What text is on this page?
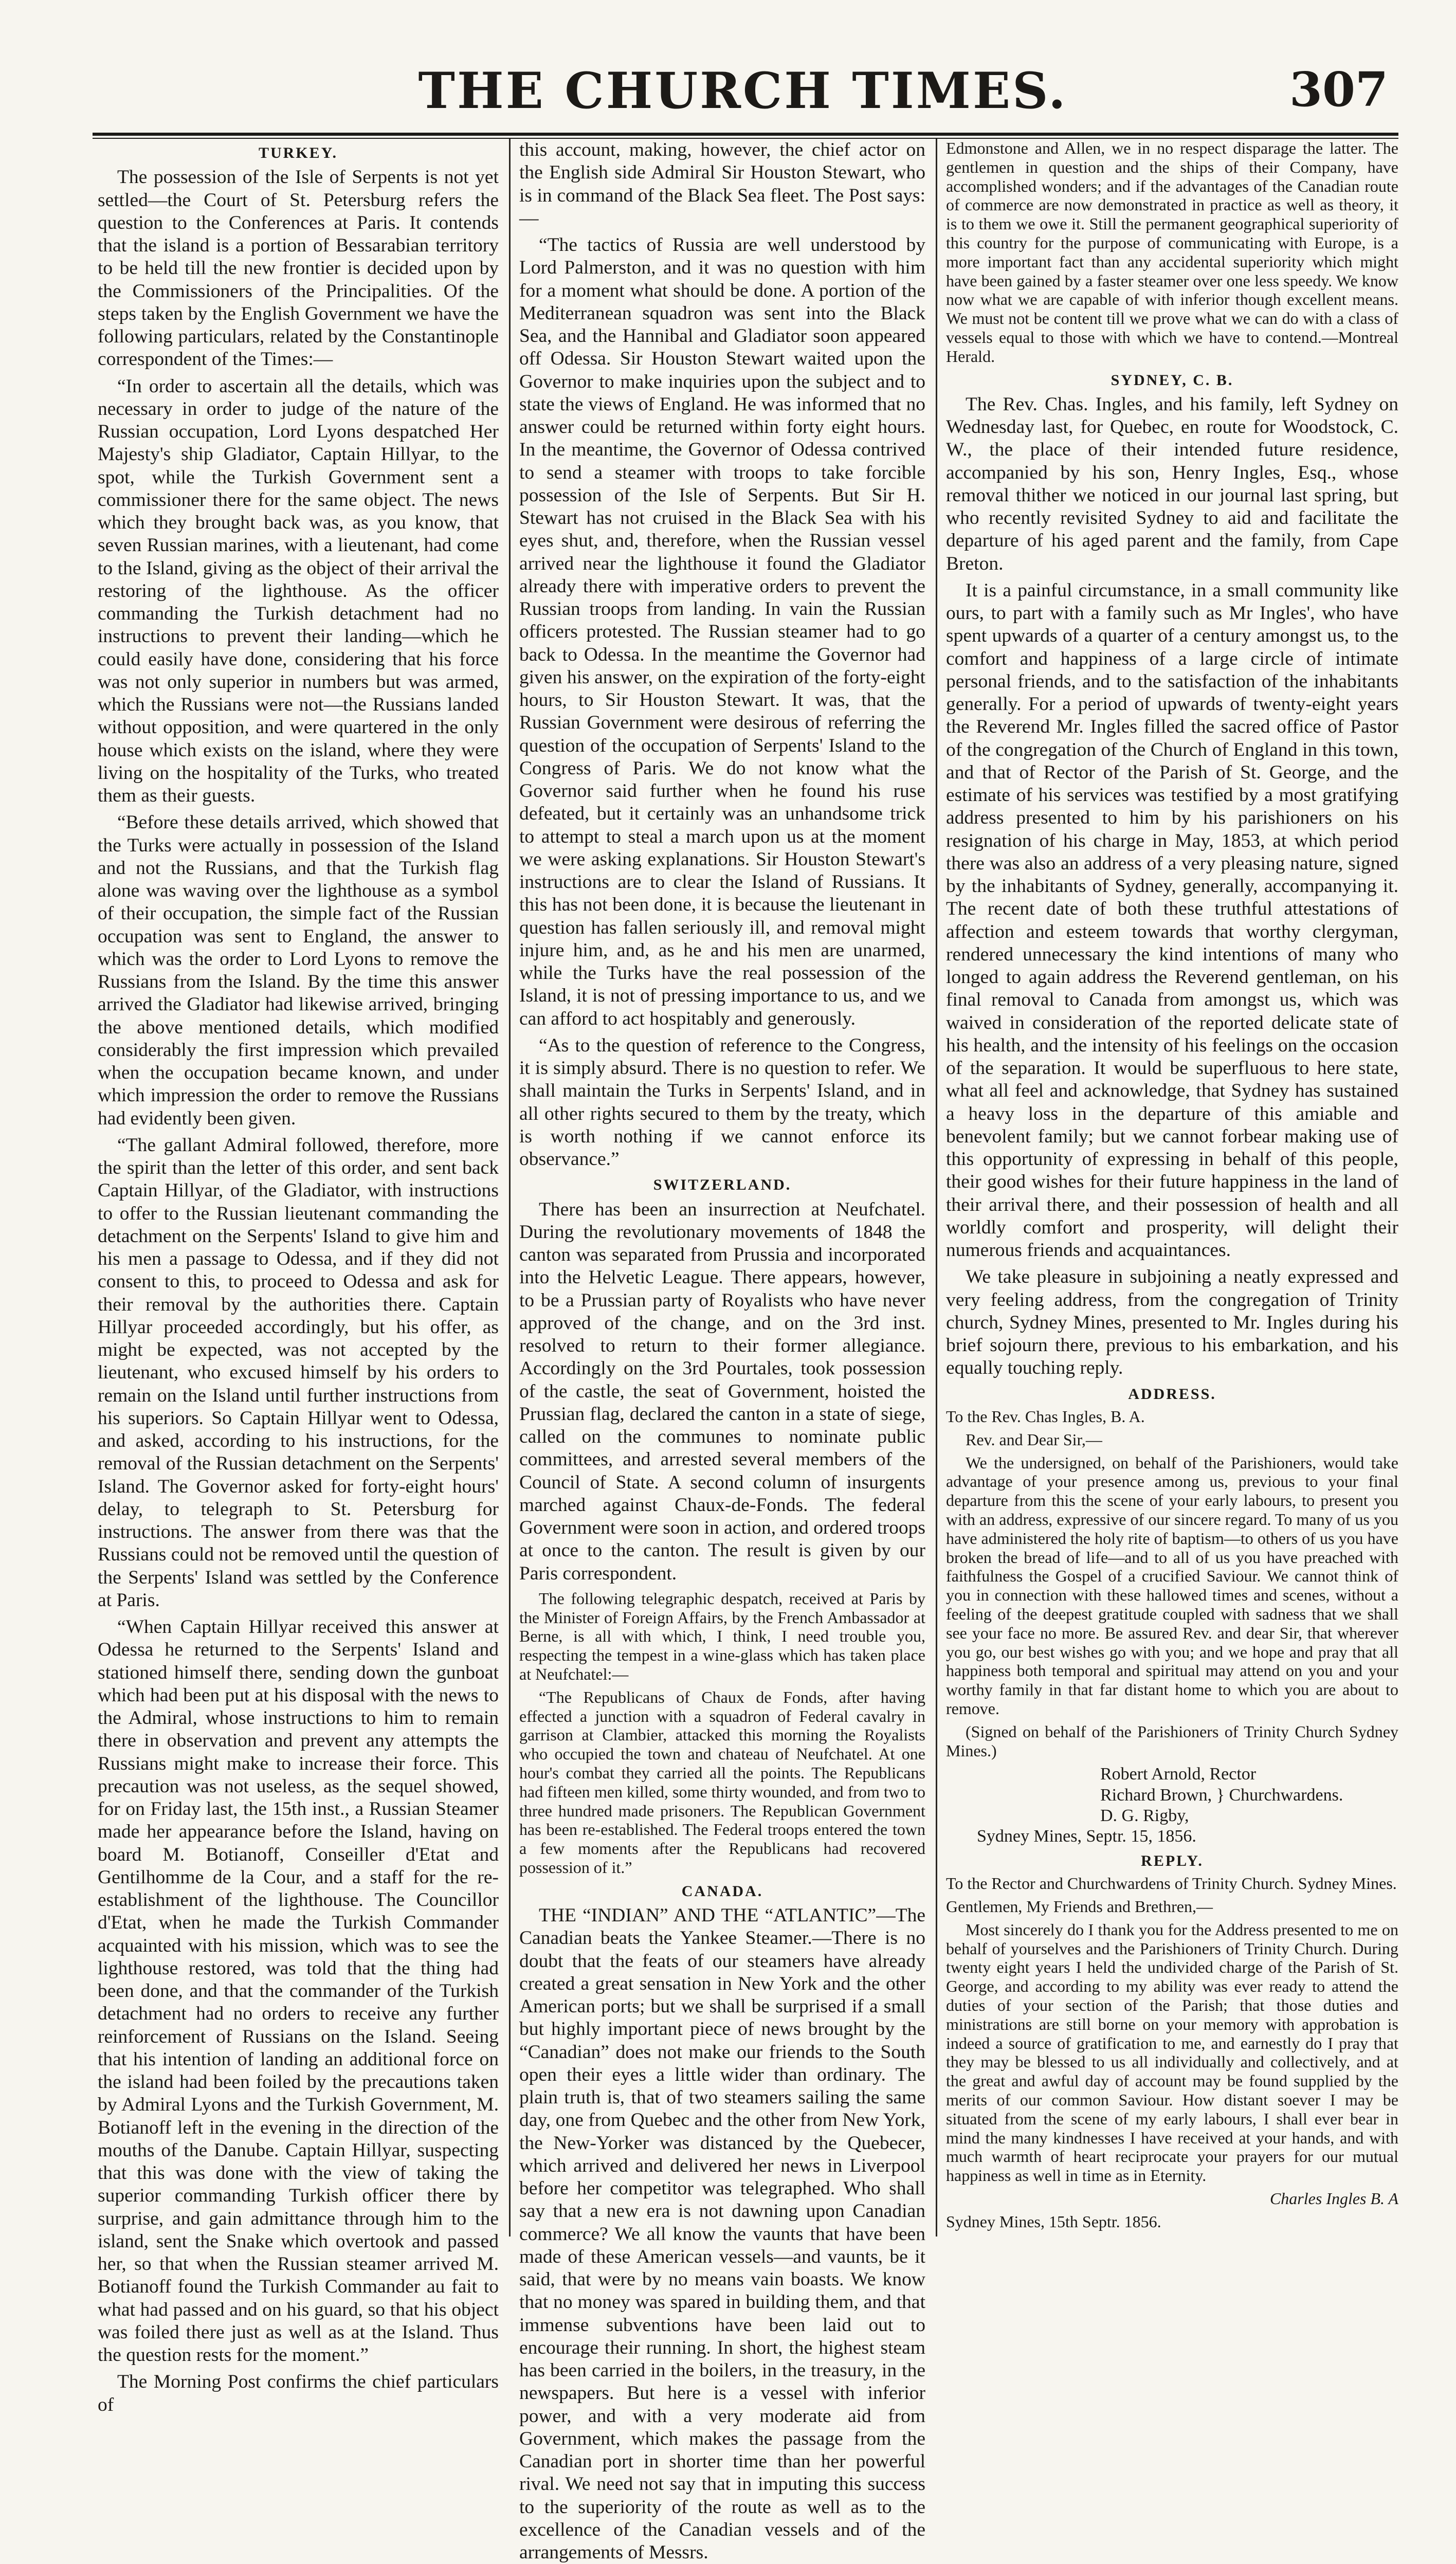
THE CHURCH TIMES.	307

TURKEY.

The possession of the Isle of Serpents is not yet settled—the Court of St. Petersburg refers the question to the Conferences at Paris. It contends that the island is a portion of Bessarabian territory to be held till the new frontier is decided upon by the Commissioners of the Principalities. Of the steps taken by the English Government we have the following particulars, related by the Constantinople correspondent of the Times:—

“In order to ascertain all the details, which was necessary in order to judge of the nature of the Russian occupation, Lord Lyons despatched Her Majesty's ship Gladiator, Captain Hillyar, to the spot, while the Turkish Government sent a commissioner there for the same object. The news which they brought back was, as you know, that seven Russian marines, with a lieutenant, had come to the Island, giving as the object of their arrival the restoring of the lighthouse. As the officer commanding the Turkish detachment had no instructions to prevent their landing—which he could easily have done, considering that his force was not only superior in numbers but was armed, which the Russians were not—the Russians landed without opposition, and were quartered in the only house which exists on the island, where they were living on the hospitality of the Turks, who treated them as their guests.

“Before these details arrived, which showed that the Turks were actually in possession of the Island and not the Russians, and that the Turkish flag alone was waving over the lighthouse as a symbol of their occupation, the simple fact of the Russian occupation was sent to England, the answer to which was the order to Lord Lyons to remove the Russians from the Island. By the time this answer arrived the Gladiator had likewise arrived, bringing the above mentioned details, which modified considerably the first impression which prevailed when the occupation became known, and under which impression the order to remove the Russians had evidently been given.

“The gallant Admiral followed, therefore, more the spirit than the letter of this order, and sent back Captain Hillyar, of the Gladiator, with instructions to offer to the Russian lieutenant commanding the detachment on the Serpents' Island to give him and his men a passage to Odessa, and if they did not consent to this, to proceed to Odessa and ask for their removal by the authorities there. Captain Hillyar proceeded accordingly, but his offer, as might be expected, was not accepted by the lieutenant, who excused himself by his orders to remain on the Island until further instructions from his superiors. So Captain Hillyar went to Odessa, and asked, according to his instructions, for the removal of the Russian detachment on the Serpents' Island. The Governor asked for forty-eight hours' delay, to telegraph to St. Petersburg for instructions. The answer from there was that the Russians could not be removed until the question of the Serpents' Island was settled by the Conference at Paris.

“When Captain Hillyar received this answer at Odessa he returned to the Serpents' Island and stationed himself there, sending down the gunboat which had been put at his disposal with the news to the Admiral, whose instructions to him to remain there in observation and prevent any attempts the Russians might make to increase their force. This precaution was not useless, as the sequel showed, for on Friday last, the 15th inst., a Russian Steamer made her appearance before the Island, having on board M. Botianoff, Conseiller d'Etat and Gentilhomme de la Cour, and a staff for the re-establishment of the lighthouse. The Councillor d'Etat, when he made the Turkish Commander acquainted with his mission, which was to see the lighthouse restored, was told that the thing had been done, and that the commander of the Turkish detachment had no orders to receive any further reinforcement of Russians on the Island. Seeing that his intention of landing an additional force on the island had been foiled by the precautions taken by Admiral Lyons and the Turkish Government, M. Botianoff left in the evening in the direction of the mouths of the Danube. Captain Hillyar, suspecting that this was done with the view of taking the superior commanding Turkish officer there by surprise, and gain admittance through him to the island, sent the Snake which overtook and passed her, so that when the Russian steamer arrived M. Botianoff found the Turkish Commander au fait to what had passed and on his guard, so that his object was foiled there just as well as at the Island. Thus the question rests for the moment.”

The Morning Post confirms the chief particulars of

this account, making, however, the chief actor on the English side Admiral Sir Houston Stewart, who is in command of the Black Sea fleet. The Post says:—

“The tactics of Russia are well understood by Lord Palmerston, and it was no question with him for a moment what should be done. A portion of the Mediterranean squadron was sent into the Black Sea, and the Hannibal and Gladiator soon appeared off Odessa. Sir Houston Stewart waited upon the Governor to make inquiries upon the subject and to state the views of England. He was informed that no answer could be returned within forty eight hours. In the meantime, the Governor of Odessa contrived to send a steamer with troops to take forcible possession of the Isle of Serpents. But Sir H. Stewart has not cruised in the Black Sea with his eyes shut, and, therefore, when the Russian vessel arrived near the lighthouse it found the Gladiator already there with imperative orders to prevent the Russian troops from landing. In vain the Russian officers protested. The Russian steamer had to go back to Odessa. In the meantime the Governor had given his answer, on the expiration of the forty-eight hours, to Sir Houston Stewart. It was, that the Russian Government were desirous of referring the question of the occupation of Serpents' Island to the Congress of Paris. We do not know what the Governor said further when he found his ruse defeated, but it certainly was an unhandsome trick to attempt to steal a march upon us at the moment we were asking explanations. Sir Houston Stewart's instructions are to clear the Island of Russians. It this has not been done, it is because the lieutenant in question has fallen seriously ill, and removal might injure him, and, as he and his men are unarmed, while the Turks have the real possession of the Island, it is not of pressing importance to us, and we can afford to act hospitably and generously.

“As to the question of reference to the Congress, it is simply absurd. There is no question to refer. We shall maintain the Turks in Serpents' Island, and in all other rights secured to them by the treaty, which is worth nothing if we cannot enforce its observance.”

SWITZERLAND.

There has been an insurrection at Neufchatel. During the revolutionary movements of 1848 the canton was separated from Prussia and incorporated into the Helvetic League. There appears, however, to be a Prussian party of Royalists who have never approved of the change, and on the 3rd inst. resolved to return to their former allegiance. Accordingly on the 3rd Pourtales, took possession of the castle, the seat of Government, hoisted the Prussian flag, declared the canton in a state of siege, called on the communes to nominate public committees, and arrested several members of the Council of State. A second column of insurgents marched against Chaux-de-Fonds. The federal Government were soon in action, and ordered troops at once to the canton. The result is given by our Paris correspondent.

The following telegraphic despatch, received at Paris by the Minister of Foreign Affairs, by the French Ambassador at Berne, is all with which, I think, I need trouble you, respecting the tempest in a wine-glass which has taken place at Neufchatel:—

“The Republicans of Chaux de Fonds, after having effected a junction with a squadron of Federal cavalry in garrison at Clambier, attacked this morning the Royalists who occupied the town and chateau of Neufchatel. At one hour's combat they carried all the points. The Republicans had fifteen men killed, some thirty wounded, and from two to three hundred made prisoners. The Republican Government has been re-established. The Federal troops entered the town a few moments after the Republicans had recovered possession of it.”

CANADA.

THE “INDIAN” AND THE “ATLANTIC”—The Canadian beats the Yankee Steamer.—There is no doubt that the feats of our steamers have already created a great sensation in New York and the other American ports; but we shall be surprised if a small but highly important piece of news brought by the “Canadian” does not make our friends to the South open their eyes a little wider than ordinary. The plain truth is, that of two steamers sailing the same day, one from Quebec and the other from New York, the New-Yorker was distanced by the Quebecer, which arrived and delivered her news in Liverpool before her competitor was telegraphed. Who shall say that a new era is not dawning upon Canadian commerce? We all know the vaunts that have been made of these American vessels—and vaunts, be it said, that were by no means vain boasts. We know that no money was spared in building them, and that immense subventions have been laid out to encourage their running. In short, the highest steam has been carried in the boilers, in the treasury, in the newspapers. But here is a vessel with inferior power, and with a very moderate aid from Government, which makes the passage from the Canadian port in shorter time than her powerful rival. We need not say that in imputing this success to the superiority of the route as well as to the excellence of the Canadian vessels and of the arrangements of Messrs.

Edmonstone and Allen, we in no respect disparage the latter. The gentlemen in question and the ships of their Company, have accomplished wonders; and if the advantages of the Canadian route of commerce are now demonstrated in practice as well as theory, it is to them we owe it. Still the permanent geographical superiority of this country for the purpose of communicating with Europe, is a more important fact than any accidental superiority which might have been gained by a faster steamer over one less speedy. We know now what we are capable of with inferior though excellent means. We must not be content till we prove what we can do with a class of vessels equal to those with which we have to contend.—Montreal Herald.

SYDNEY, C. B.

The Rev. Chas. Ingles, and his family, left Sydney on Wednesday last, for Quebec, en route for Woodstock, C. W., the place of their intended future residence, accompanied by his son, Henry Ingles, Esq., whose removal thither we noticed in our journal last spring, but who recently revisited Sydney to aid and facilitate the departure of his aged parent and the family, from Cape Breton.

It is a painful circumstance, in a small community like ours, to part with a family such as Mr Ingles', who have spent upwards of a quarter of a century amongst us, to the comfort and happiness of a large circle of intimate personal friends, and to the satisfaction of the inhabitants generally. For a period of upwards of twenty-eight years the Reverend Mr. Ingles filled the sacred office of Pastor of the congregation of the Church of England in this town, and that of Rector of the Parish of St. George, and the estimate of his services was testified by a most gratifying address presented to him by his parishioners on his resignation of his charge in May, 1853, at which period there was also an address of a very pleasing nature, signed by the inhabitants of Sydney, generally, accompanying it. The recent date of both these truthful attestations of affection and esteem towards that worthy clergyman, rendered unnecessary the kind intentions of many who longed to again address the Reverend gentleman, on his final removal to Canada from amongst us, which was waived in consideration of the reported delicate state of his health, and the intensity of his feelings on the occasion of the separation. It would be superfluous to here state, what all feel and acknowledge, that Sydney has sustained a heavy loss in the departure of this amiable and benevolent family; but we cannot forbear making use of this opportunity of expressing in behalf of this people, their good wishes for their future happiness in the land of their arrival there, and their possession of health and all worldly comfort and prosperity, will delight their numerous friends and acquaintances.

We take pleasure in subjoining a neatly expressed and very feeling address, from the congregation of Trinity church, Sydney Mines, presented to Mr. Ingles during his brief sojourn there, previous to his embarkation, and his equally touching reply.

ADDRESS.

To the Rev. Chas Ingles, B. A.

Rev. and Dear Sir,—

We the undersigned, on behalf of the Parishioners, would take advantage of your presence among us, previous to your final departure from this the scene of your early labours, to present you with an address, expressive of our sincere regard. To many of us you have administered the holy rite of baptism—to others of us you have broken the bread of life—and to all of us you have preached with faithfulness the Gospel of a crucified Saviour. We cannot think of you in connection with these hallowed times and scenes, without a feeling of the deepest gratitude coupled with sadness that we shall see your face no more. Be assured Rev. and dear Sir, that wherever you go, our best wishes go with you; and we hope and pray that all happiness both temporal and spiritual may attend on you and your worthy family in that far distant home to which you are about to remove.

(Signed on behalf of the Parishioners of Trinity Church Sydney Mines.)

Robert Arnold, Rector
Richard Brown, } Churchwardens.
D. G. Rigby,
Sydney Mines, Septr. 15, 1856.

REPLY.

To the Rector and Churchwardens of Trinity Church. Sydney Mines.

Gentlemen, My Friends and Brethren,—

Most sincerely do I thank you for the Address presented to me on behalf of yourselves and the Parishioners of Trinity Church. During twenty eight years I held the undivided charge of the Parish of St. George, and according to my ability was ever ready to attend the duties of your section of the Parish; that those duties and ministrations are still borne on your memory with approbation is indeed a source of gratification to me, and earnestly do I pray that they may be blessed to us all individually and collectively, and at the great and awful day of account may be found supplied by the merits of our common Saviour. How distant soever I may be situated from the scene of my early labours, I shall ever bear in mind the many kindnesses I have received at your hands, and with much warmth of heart reciprocate your prayers for our mutual happiness as well in time as in Eternity.

Charles Ingles B. A

Sydney Mines, 15th Septr. 1856.
